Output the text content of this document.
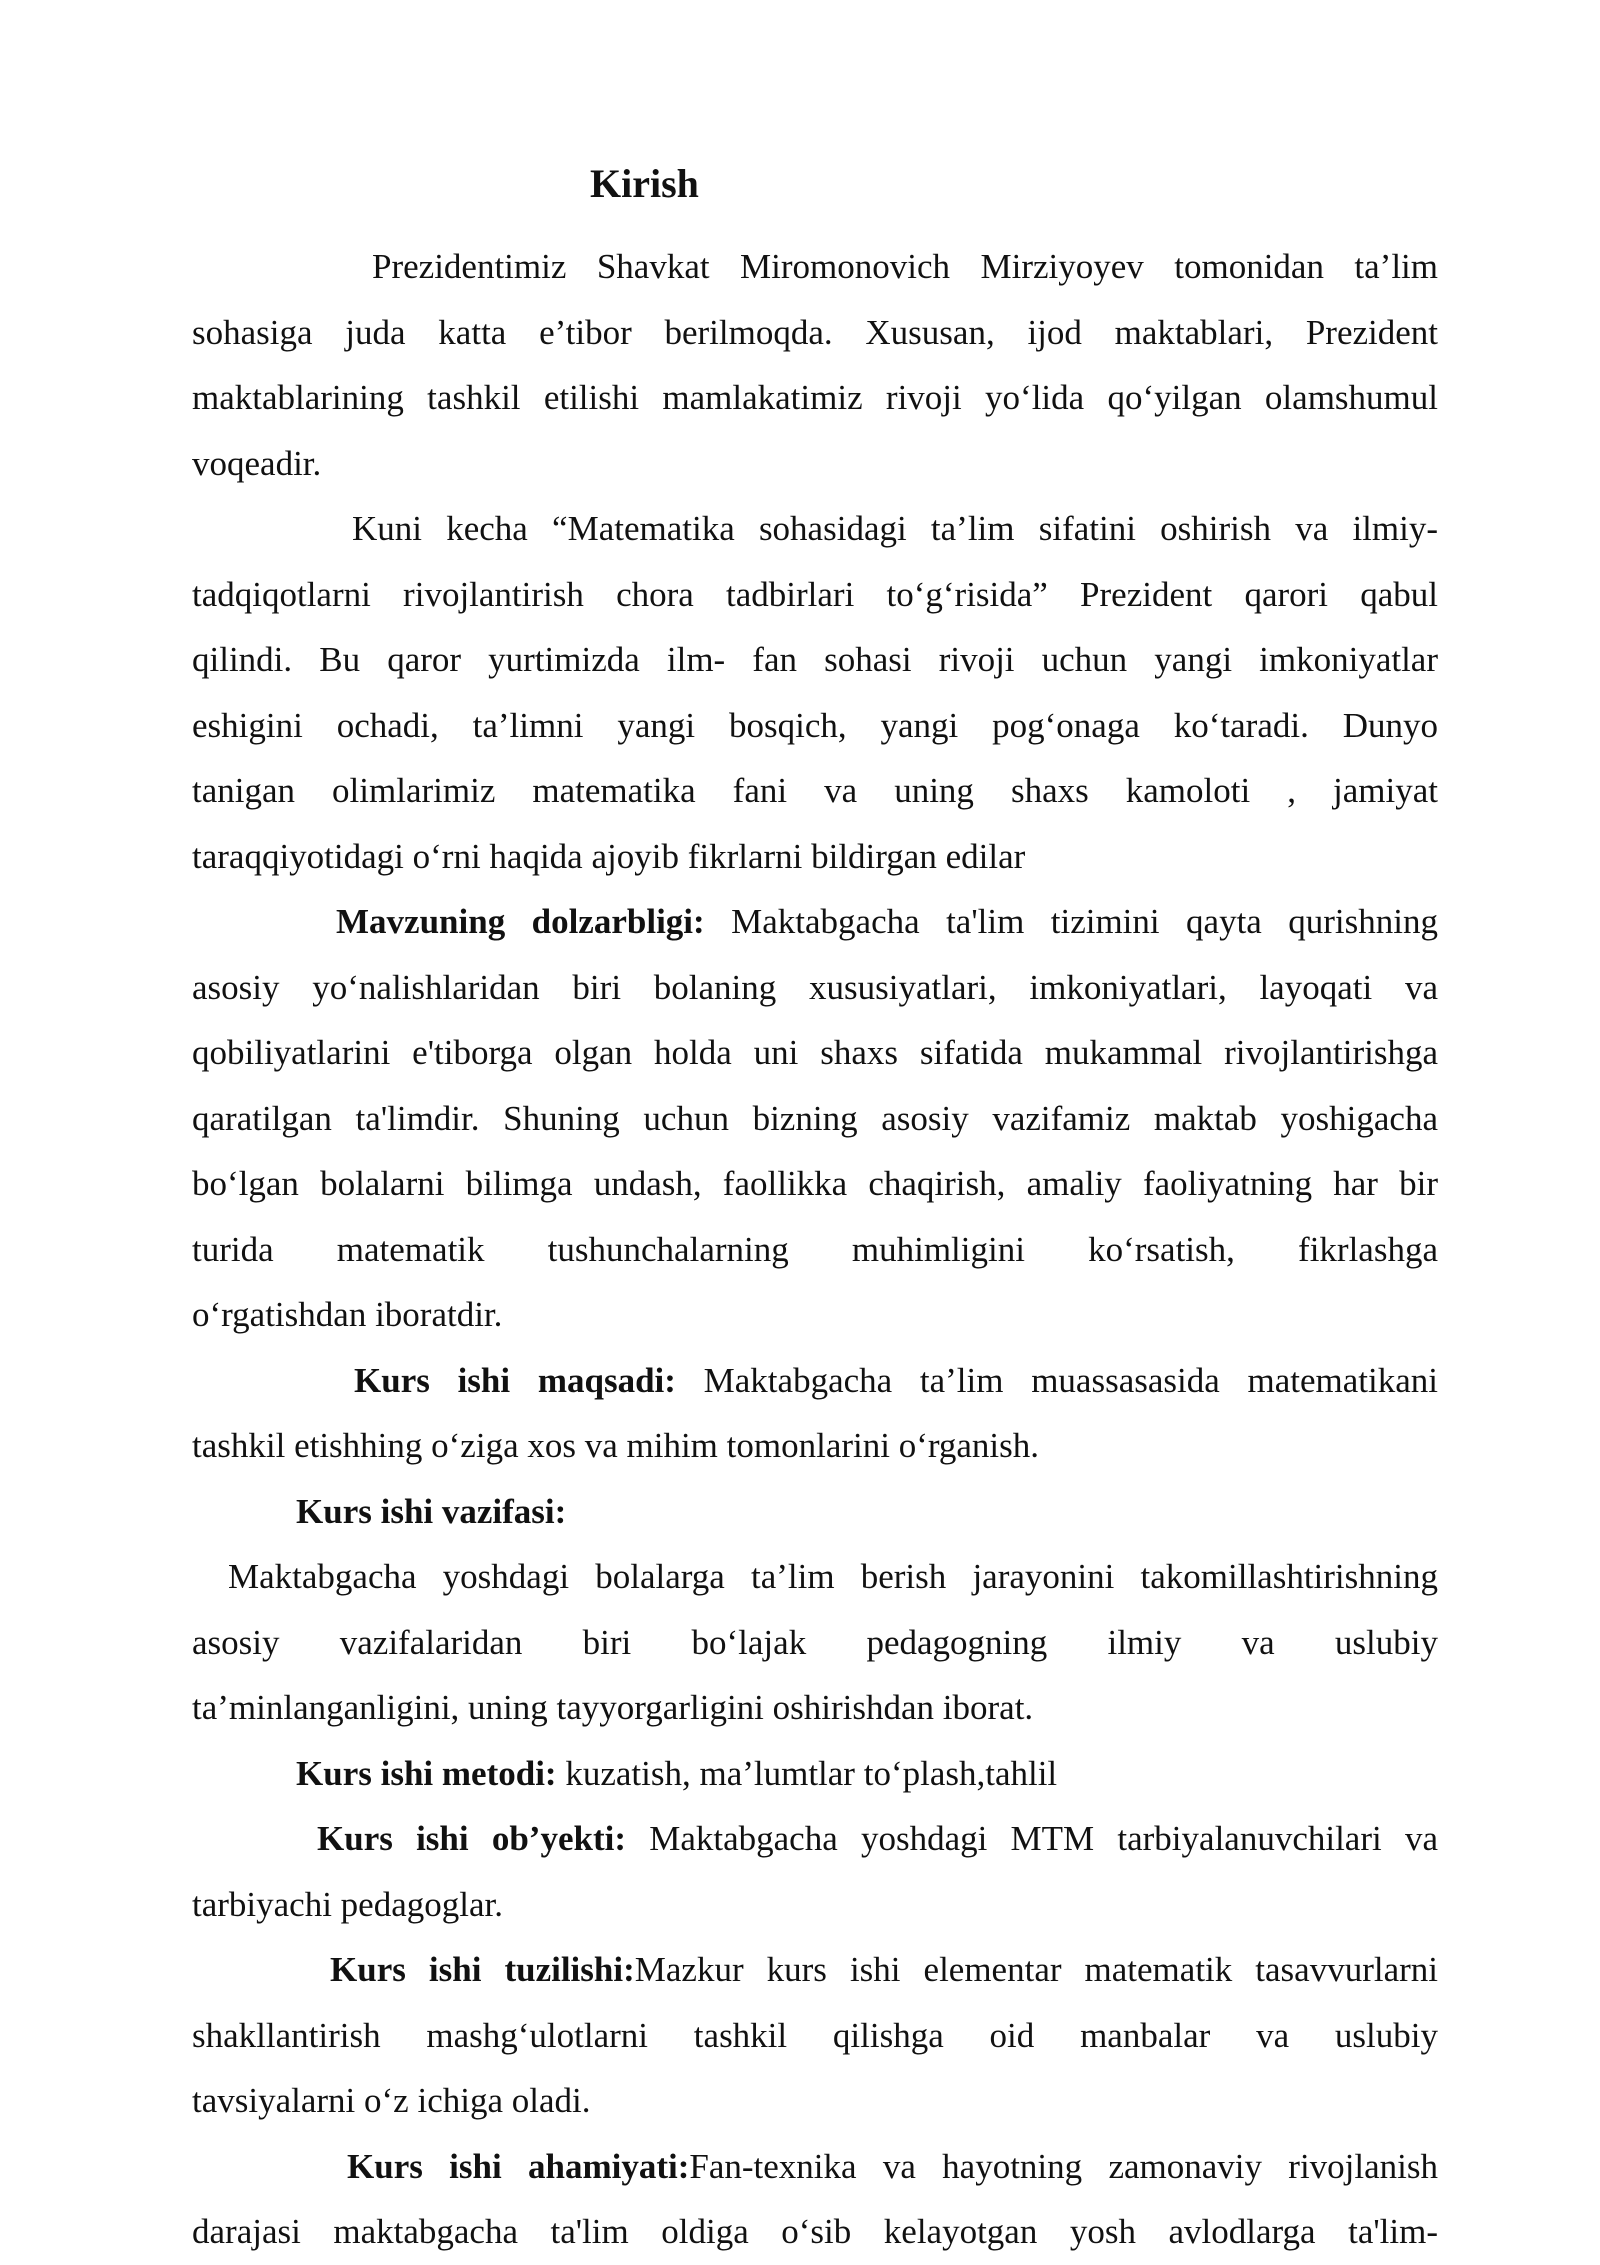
Kirish
Prezidentimiz Shavkat Miromonovich Mirziyoyev tomonidan ta’lim
sohasiga juda katta e’tibor berilmoqda. Xususan, ijod maktablari, Prezident
maktablarining tashkil etilishi mamlakatimiz rivoji yo‘lida qo‘yilgan olamshumul
voqeadir.
Kuni kecha “Matematika sohasidagi ta’lim sifatini oshirish va ilmiy-
tadqiqotlarni rivojlantirish chora tadbirlari to‘g‘risida” Prezident qarori qabul
qilindi. Bu qaror yurtimizda ilm- fan sohasi rivoji uchun yangi imkoniyatlar
eshigini ochadi, ta’limni yangi bosqich, yangi pog‘onaga ko‘taradi. Dunyo
tanigan olimlarimiz matematika fani va uning shaxs kamoloti , jamiyat
taraqqiyotidagi o‘rni haqida ajoyib fikrlarni bildirgan edilar
Mavzuning dolzarbligi: Maktabgacha ta'lim tizimini qayta qurishning
asosiy yo‘nalishlaridan biri bolaning xususiyatlari, imkoniyatlari, layoqati va
qobiliyatlarini e'tiborga olgan holda uni shaxs sifatida mukammal rivojlantirishga
qaratilgan ta'limdir. Shuning uchun bizning asosiy vazifamiz maktab yoshigacha
bo‘lgan bolalarni bilimga undash, faollikka chaqirish, amaliy faoliyatning har bir
turida matematik tushunchalarning muhimligini ko‘rsatish, fikrlashga
o‘rgatishdan iboratdir.
Kurs ishi maqsadi: Maktabgacha ta’lim muassasasida matematikani
tashkil etishhing o‘ziga xos va mihim tomonlarini o‘rganish.
Kurs ishi vazifasi:
Maktabgacha yoshdagi bolalarga ta’lim berish jarayonini takomillashtirishning
asosiy vazifalaridan biri bo‘lajak pedagogning ilmiy va uslubiy
ta’minlanganligini, uning tayyorgarligini oshirishdan iborat.
Kurs ishi metodi: kuzatish, ma’lumtlar to‘plash,tahlil
Kurs ishi ob’yekti: Maktabgacha yoshdagi MTM tarbiyalanuvchilari va
tarbiyachi pedagoglar.
Kurs ishi tuzilishi:Mazkur kurs ishi elementar matematik tasavvurlarni
shakllantirish mashg‘ulotlarni tashkil qilishga oid manbalar va uslubiy
tavsiyalarni o‘z ichiga oladi.
Kurs ishi ahamiyati:Fan-texnika va hayotning zamonaviy rivojlanish
darajasi maktabgacha ta'lim oldiga o‘sib kelayotgan yosh avlodlarga ta'lim-
